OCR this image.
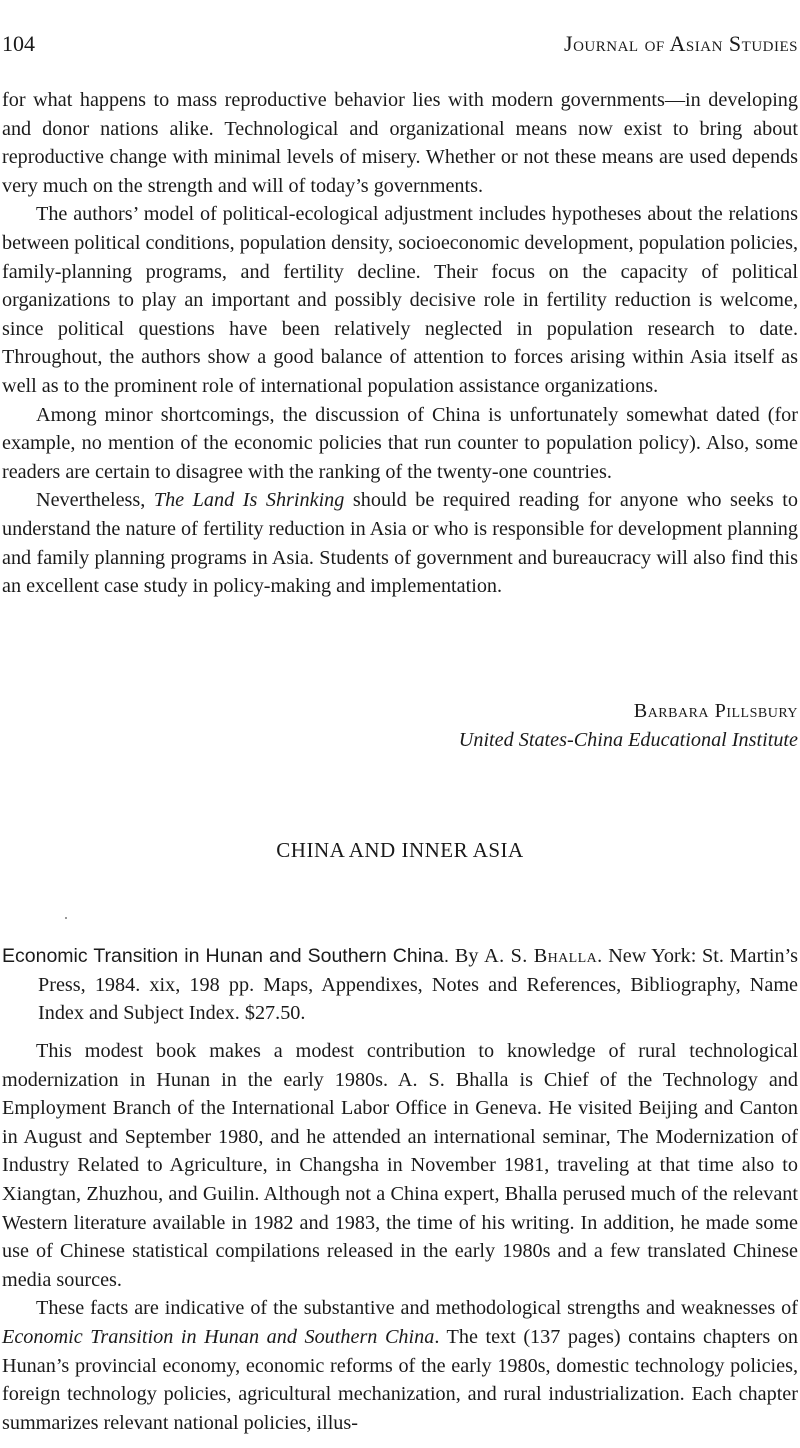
104	Journal of Asian Studies

for what happens to mass reproductive behavior lies with modern governments—in developing and donor nations alike. Technological and organizational means now exist to bring about reproductive change with minimal levels of misery. Whether or not these means are used depends very much on the strength and will of today’s governments.

The authors’ model of political-ecological adjustment includes hypotheses about the relations between political conditions, population density, socioeconomic development, population policies, family-planning programs, and fertility decline. Their focus on the capacity of political organizations to play an important and possibly decisive role in fertility reduction is welcome, since political questions have been relatively neglected in population research to date. Throughout, the authors show a good balance of attention to forces arising within Asia itself as well as to the prominent role of international population assistance organizations.

Among minor shortcomings, the discussion of China is unfortunately somewhat dated (for example, no mention of the economic policies that run counter to population policy). Also, some readers are certain to disagree with the ranking of the twenty-one countries.

Nevertheless, The Land Is Shrinking should be required reading for anyone who seeks to understand the nature of fertility reduction in Asia or who is responsible for development planning and family planning programs in Asia. Students of government and bureaucracy will also find this an excellent case study in policy-making and implementation.

Barbara Pillsbury
United States-China Educational Institute
CHINA AND INNER ASIA
Economic Transition in Hunan and Southern China. By A. S. Bhalla. New York: St. Martin’s Press, 1984. xix, 198 pp. Maps, Appendixes, Notes and References, Bibliography, Name Index and Subject Index. $27.50.

This modest book makes a modest contribution to knowledge of rural technological modernization in Hunan in the early 1980s. A. S. Bhalla is Chief of the Technology and Employment Branch of the International Labor Office in Geneva. He visited Beijing and Canton in August and September 1980, and he attended an international seminar, The Modernization of Industry Related to Agriculture, in Changsha in November 1981, traveling at that time also to Xiangtan, Zhuzhou, and Guilin. Although not a China expert, Bhalla perused much of the relevant Western literature available in 1982 and 1983, the time of his writing. In addition, he made some use of Chinese statistical compilations released in the early 1980s and a few translated Chinese media sources.

These facts are indicative of the substantive and methodological strengths and weaknesses of Economic Transition in Hunan and Southern China. The text (137 pages) contains chapters on Hunan’s provincial economy, economic reforms of the early 1980s, domestic technology policies, foreign technology policies, agricultural mechanization, and rural industrialization. Each chapter summarizes relevant national policies, illus-
